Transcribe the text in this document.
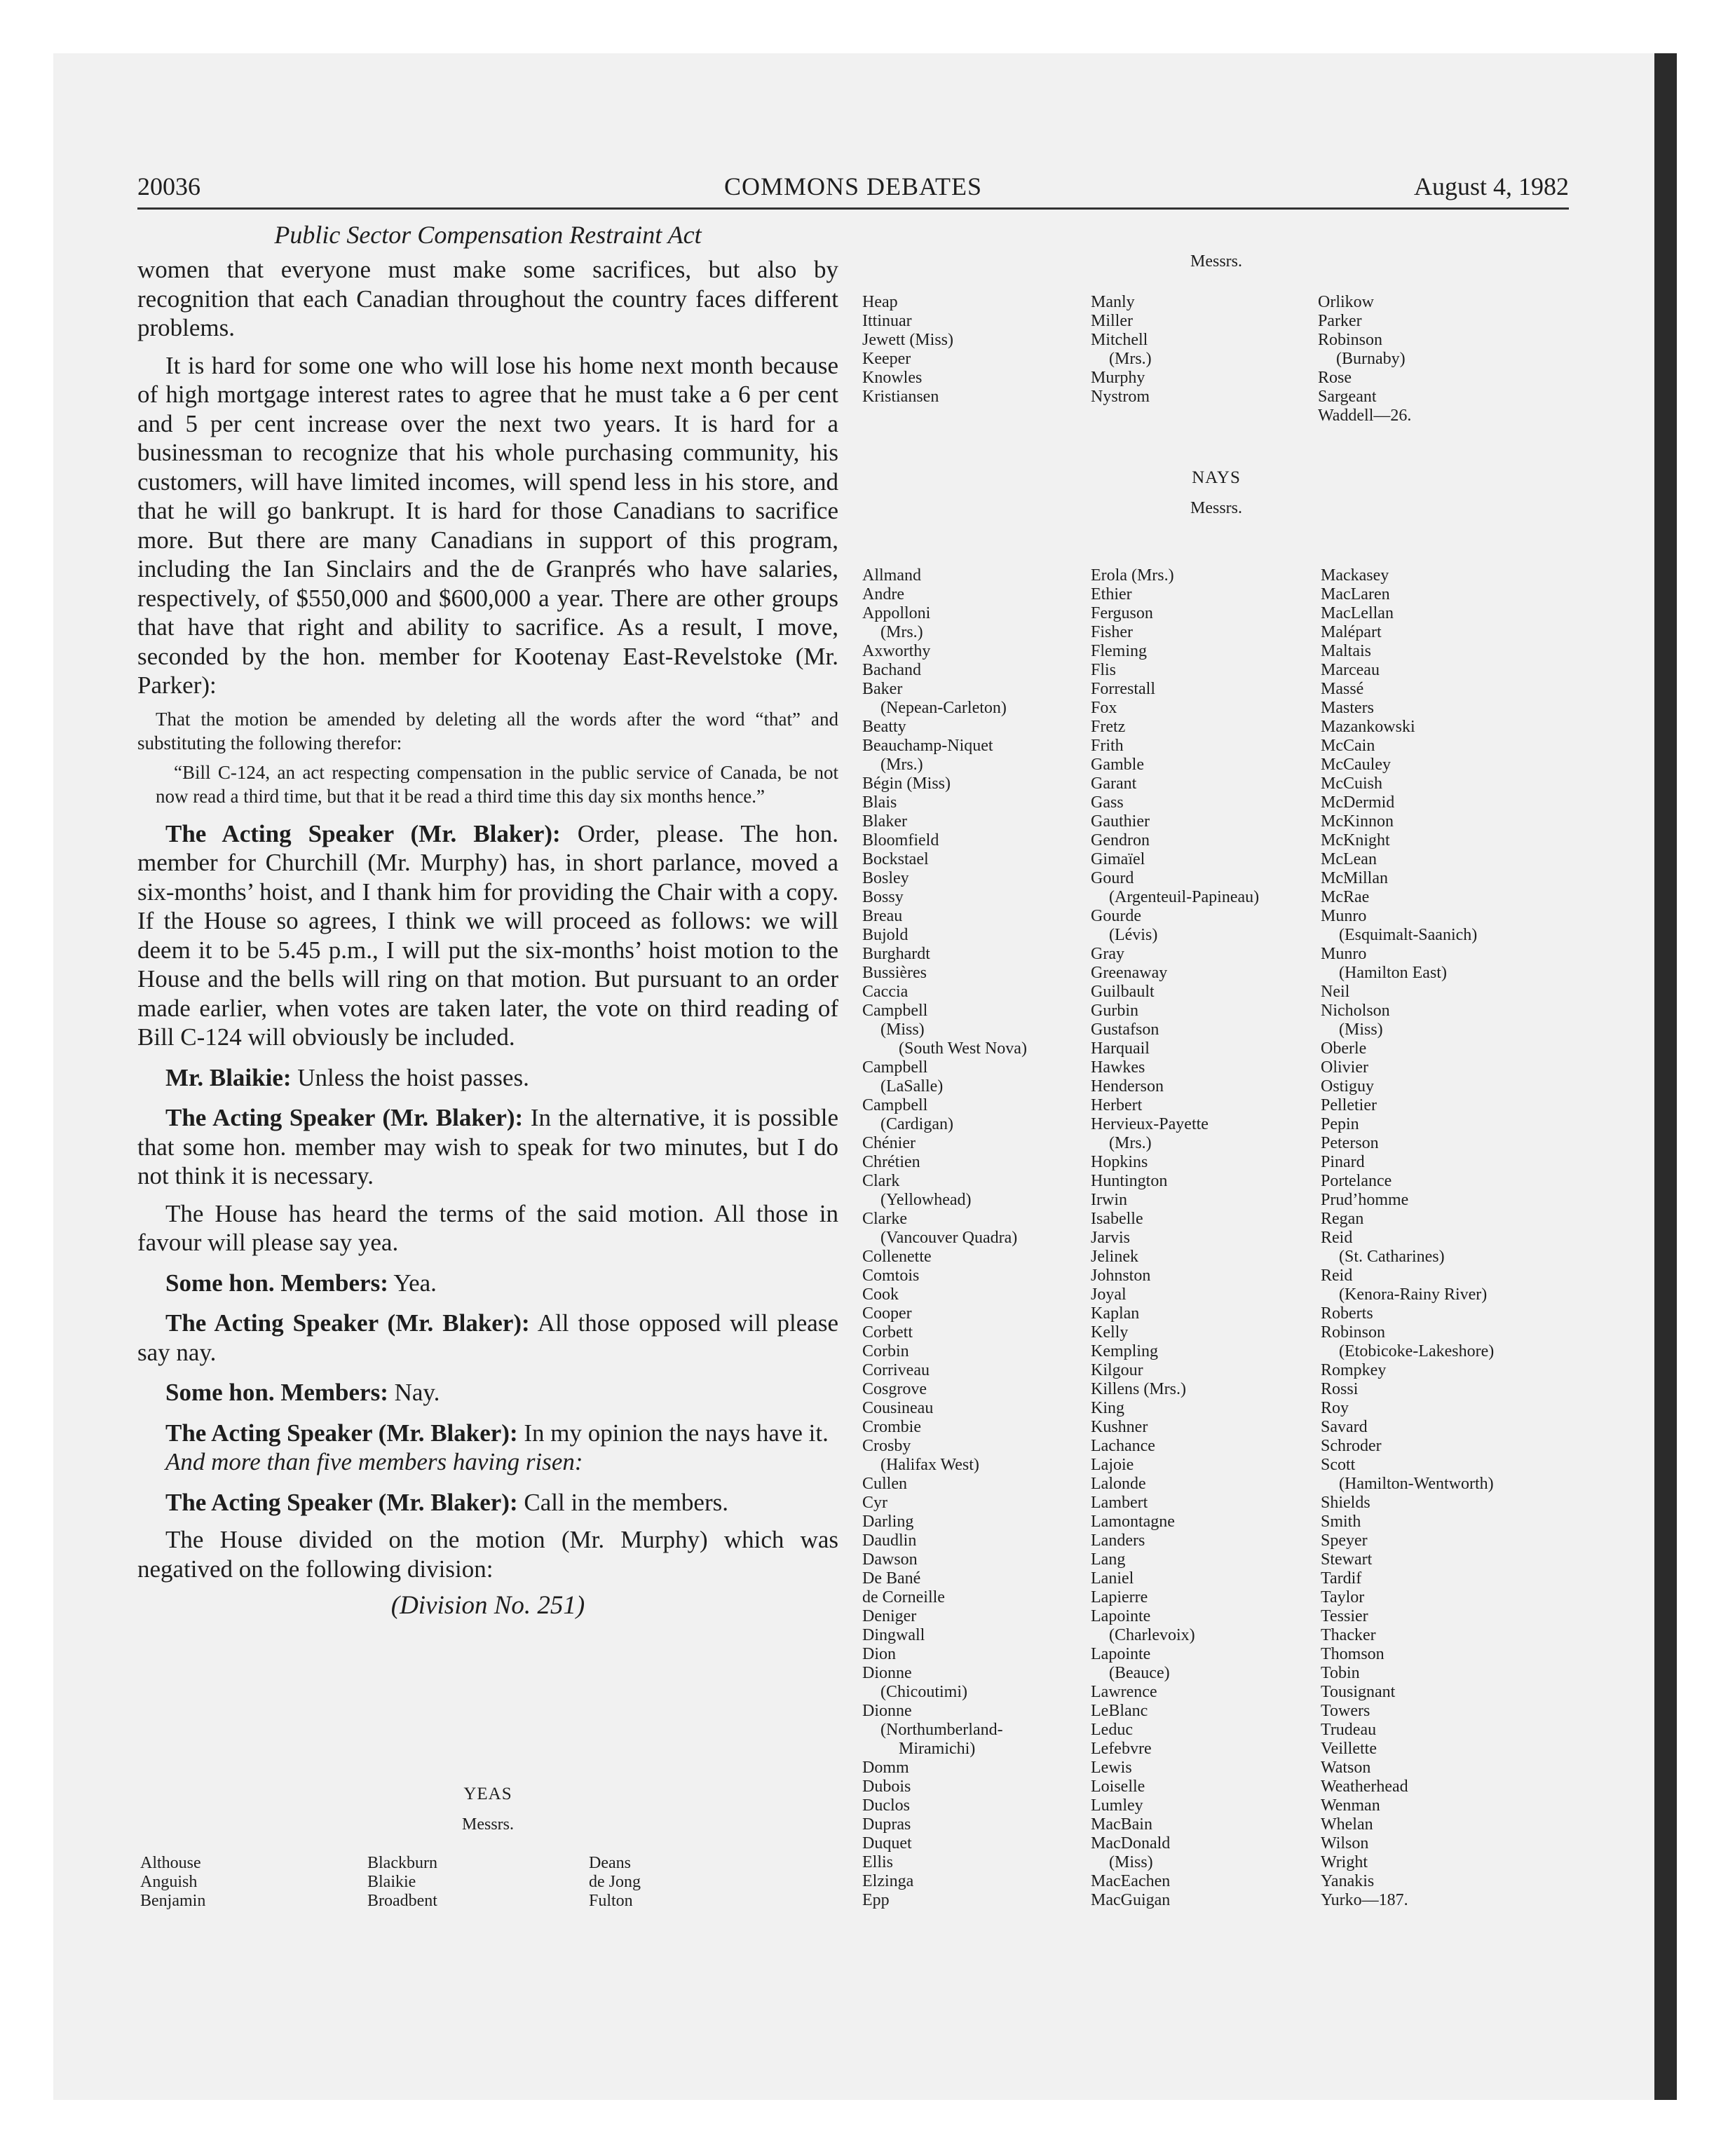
20036	COMMONS DEBATES	August 4, 1982
Public Sector Compensation Restraint Act

women that everyone must make some sacrifices, but also by recognition that each Canadian throughout the country faces different problems.

It is hard for some one who will lose his home next month because of high mortgage interest rates to agree that he must take a 6 per cent and 5 per cent increase over the next two years. It is hard for a businessman to recognize that his whole purchasing community, his customers, will have limited incomes, will spend less in his store, and that he will go bankrupt. It is hard for those Canadians to sacrifice more. But there are many Canadians in support of this program, including the Ian Sinclairs and the de Granprés who have salaries, respectively, of $550,000 and $600,000 a year. There are other groups that have that right and ability to sacrifice. As a result, I move, seconded by the hon. member for Kootenay East-Revelstoke (Mr. Parker):

That the motion be amended by deleting all the words after the word “that” and substituting the following therefor:
“Bill C-124, an act respecting compensation in the public service of Canada, be not now read a third time, but that it be read a third time this day six months hence.”

The Acting Speaker (Mr. Blaker): Order, please. The hon. member for Churchill (Mr. Murphy) has, in short parlance, moved a six-months’ hoist, and I thank him for providing the Chair with a copy. If the House so agrees, I think we will proceed as follows: we will deem it to be 5.45 p.m., I will put the six-months’ hoist motion to the House and the bells will ring on that motion. But pursuant to an order made earlier, when votes are taken later, the vote on third reading of Bill C-124 will obviously be included.

Mr. Blaikie: Unless the hoist passes.

The Acting Speaker (Mr. Blaker): In the alternative, it is possible that some hon. member may wish to speak for two minutes, but I do not think it is necessary.

The House has heard the terms of the said motion. All those in favour will please say yea.

Some hon. Members: Yea.

The Acting Speaker (Mr. Blaker): All those opposed will please say nay.

Some hon. Members: Nay.

The Acting Speaker (Mr. Blaker): In my opinion the nays have it.

And more than five members having risen:

The Acting Speaker (Mr. Blaker): Call in the members.

The House divided on the motion (Mr. Murphy) which was negatived on the following division:

(Division No. 251)
YEAS
Messrs.
Althouse
Anguish
Benjamin
Blackburn
Blaikie
Broadbent
Deans
de Jong
Fulton
Messrs.
Heap
Ittinuar
Jewett (Miss)
Keeper
Knowles
Kristiansen
Manly
Miller
Mitchell
(Mrs.)
Murphy
Nystrom
Orlikow
Parker
Robinson
(Burnaby)
Rose
Sargeant
Waddell—26.
NAYS
Messrs.
Allmand
Andre
Appolloni
(Mrs.)
Axworthy
Bachand
Baker
(Nepean-Carleton)
Beatty
Beauchamp-Niquet
(Mrs.)
Bégin (Miss)
Blais
Blaker
Bloomfield
Bockstael
Bosley
Bossy
Breau
Bujold
Burghardt
Bussières
Caccia
Campbell
(Miss)
(South West Nova)
Campbell
(LaSalle)
Campbell
(Cardigan)
Chénier
Chrétien
Clark
(Yellowhead)
Clarke
(Vancouver Quadra)
Collenette
Comtois
Cook
Cooper
Corbett
Corbin
Corriveau
Cosgrove
Cousineau
Crombie
Crosby
(Halifax West)
Cullen
Cyr
Darling
Daudlin
Dawson
De Bané
de Corneille
Deniger
Dingwall
Dion
Dionne
(Chicoutimi)
Dionne
(Northumberland-
Miramichi)
Domm
Dubois
Duclos
Dupras
Duquet
Ellis
Elzinga
Epp
Erola (Mrs.)
Ethier
Ferguson
Fisher
Fleming
Flis
Forrestall
Fox
Fretz
Frith
Gamble
Garant
Gass
Gauthier
Gendron
Gimaïel
Gourd
(Argenteuil-Papineau)
Gourde
(Lévis)
Gray
Greenaway
Guilbault
Gurbin
Gustafson
Harquail
Hawkes
Henderson
Herbert
Hervieux-Payette
(Mrs.)
Hopkins
Huntington
Irwin
Isabelle
Jarvis
Jelinek
Johnston
Joyal
Kaplan
Kelly
Kempling
Kilgour
Killens (Mrs.)
King
Kushner
Lachance
Lajoie
Lalonde
Lambert
Lamontagne
Landers
Lang
Laniel
Lapierre
Lapointe
(Charlevoix)
Lapointe
(Beauce)
Lawrence
LeBlanc
Leduc
Lefebvre
Lewis
Loiselle
Lumley
MacBain
MacDonald
(Miss)
MacEachen
MacGuigan
Mackasey
MacLaren
MacLellan
Malépart
Maltais
Marceau
Massé
Masters
Mazankowski
McCain
McCauley
McCuish
McDermid
McKinnon
McKnight
McLean
McMillan
McRae
Munro
(Esquimalt-Saanich)
Munro
(Hamilton East)
Neil
Nicholson
(Miss)
Oberle
Olivier
Ostiguy
Pelletier
Pepin
Peterson
Pinard
Portelance
Prud’homme
Regan
Reid
(St. Catharines)
Reid
(Kenora-Rainy River)
Roberts
Robinson
(Etobicoke-Lakeshore)
Rompkey
Rossi
Roy
Savard
Schroder
Scott
(Hamilton-Wentworth)
Shields
Smith
Speyer
Stewart
Tardif
Taylor
Tessier
Thacker
Thomson
Tobin
Tousignant
Towers
Trudeau
Veillette
Watson
Weatherhead
Wenman
Whelan
Wilson
Wright
Yanakis
Yurko—187.
